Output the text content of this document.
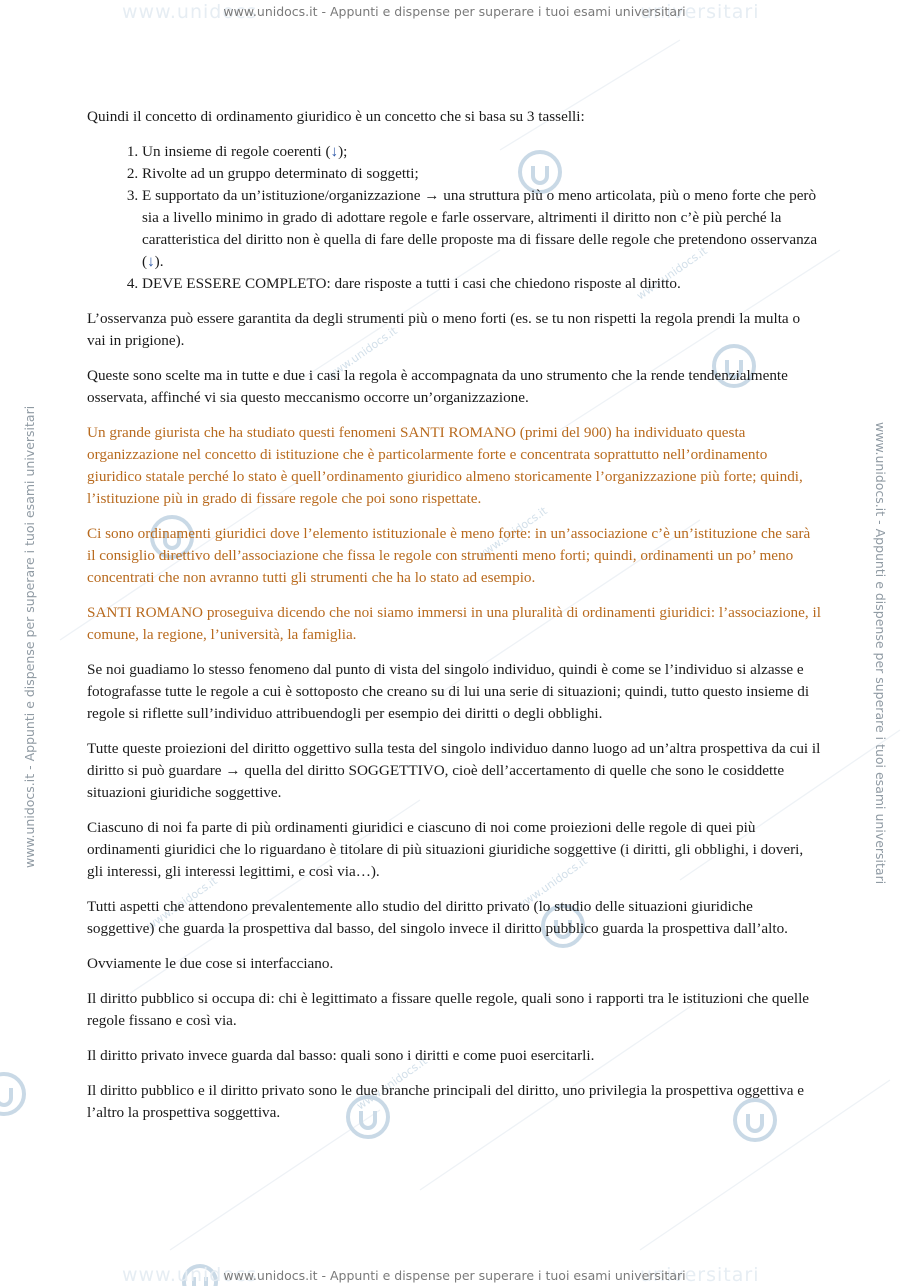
www.unidocs.it
www.unidocs.it
www.unidocs.it
www.unidocs.it
www.unidocs.it
www.unidocs.it
www.unidocs	universitari
www.unidocs.it - Appunti e dispense per superare i tuoi esami universitari
www.unidocs	universitari
www.unidocs.it - Appunti e dispense per superare i tuoi esami universitari
www.unidocs.it - Appunti e dispense per superare i tuoi esami universitari	www.unidocs.it - Appunti e dispense per superare i tuoi esami universitari

Quindi il concetto di ordinamento giuridico è un concetto che si basa su 3 tasselli:

1. Un insieme di regole coerenti (↓);
2. Rivolte ad un gruppo determinato di soggetti;
3. E supportato da un’istituzione/organizzazione → una struttura più o meno articolata, più o meno forte che però sia a livello minimo in grado di adottare regole e farle osservare, altrimenti il diritto non c’è più perché la caratteristica del diritto non è quella di fare delle proposte ma di fissare delle regole che pretendono osservanza (↓).
4. DEVE ESSERE COMPLETO: dare risposte a tutti i casi che chiedono risposte al diritto.

L’osservanza può essere garantita da degli strumenti più o meno forti (es. se tu non rispetti la regola prendi la multa o vai in prigione).

Queste sono scelte ma in tutte e due i casi la regola è accompagnata da uno strumento che la rende tendenzialmente osservata, affinché vi sia questo meccanismo occorre un’organizzazione.

Un grande giurista che ha studiato questi fenomeni SANTI ROMANO (primi del 900) ha individuato questa organizzazione nel concetto di istituzione che è particolarmente forte e concentrata soprattutto nell’ordinamento giuridico statale perché lo stato è quell’ordinamento giuridico almeno storicamente l’organizzazione più forte; quindi, l’istituzione più in grado di fissare regole che poi sono rispettate.

Ci sono ordinamenti giuridici dove l’elemento istituzionale è meno forte: in un’associazione c’è un’istituzione che sarà il consiglio direttivo dell’associazione che fissa le regole con strumenti meno forti; quindi, ordinamenti un po’ meno concentrati che non avranno tutti gli strumenti che ha lo stato ad esempio.

SANTI ROMANO proseguiva dicendo che noi siamo immersi in una pluralità di ordinamenti giuridici: l’associazione, il comune, la regione, l’università, la famiglia.

Se noi guadiamo lo stesso fenomeno dal punto di vista del singolo individuo, quindi è come se l’individuo si alzasse e fotografasse tutte le regole a cui è sottoposto che creano su di lui una serie di situazioni; quindi, tutto questo insieme di regole si riflette sull’individuo attribuendogli per esempio dei diritti o degli obblighi.

Tutte queste proiezioni del diritto oggettivo sulla testa del singolo individuo danno luogo ad un’altra prospettiva da cui il diritto si può guardare → quella del diritto SOGGETTIVO, cioè dell’accertamento di quelle che sono le cosiddette situazioni giuridiche soggettive.

Ciascuno di noi fa parte di più ordinamenti giuridici e ciascuno di noi come proiezioni delle regole di quei più ordinamenti giuridici che lo riguardano è titolare di più situazioni giuridiche soggettive (i diritti, gli obblighi, i doveri, gli interessi, gli interessi legittimi, e così via…).

Tutti aspetti che attendono prevalentemente allo studio del diritto privato (lo studio delle situazioni giuridiche soggettive) che guarda la prospettiva dal basso, del singolo invece il diritto pubblico guarda la prospettiva dall’alto.

Ovviamente le due cose si interfacciano.

Il diritto pubblico si occupa di: chi è legittimato a fissare quelle regole, quali sono i rapporti tra le istituzioni che quelle regole fissano e così via.

Il diritto privato invece guarda dal basso: quali sono i diritti e come puoi esercitarli.

Il diritto pubblico e il diritto privato sono le due branche principali del diritto, uno privilegia la prospettiva oggettiva e l’altro la prospettiva soggettiva.
